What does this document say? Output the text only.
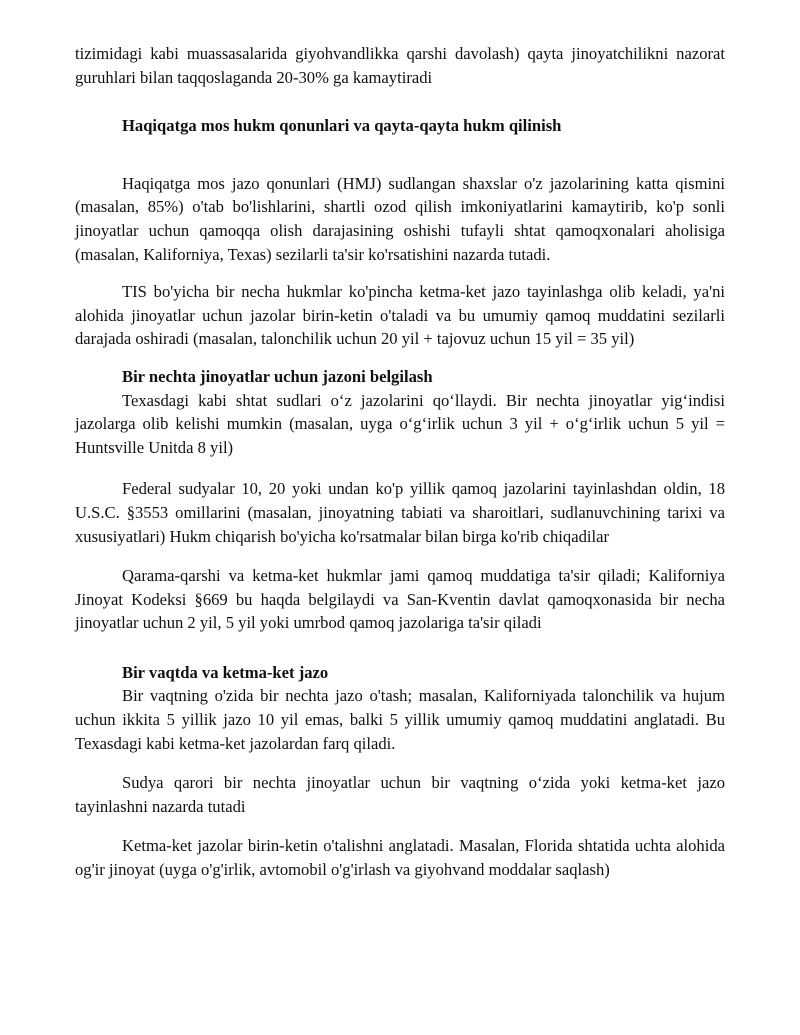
tizimidagi kabi muassasalarida giyohvandlikka qarshi davolash) qayta jinoyatchilikni nazorat guruhlari bilan taqqoslaganda 20-30% ga kamaytiradi

Haqiqatga mos hukm qonunlari va qayta-qayta hukm qilinish

Haqiqatga mos jazo qonunlari (HMJ) sudlangan shaxslar o'z jazolarining katta qismini (masalan, 85%) o'tab bo'lishlarini, shartli ozod qilish imkoniyatlarini kamaytirib, ko'p sonli jinoyatlar uchun qamoqqa olish darajasining oshishi tufayli shtat qamoqxonalari aholisiga (masalan, Kaliforniya, Texas) sezilarli ta'sir ko'rsatishini nazarda tutadi.

TIS bo'yicha bir necha hukmlar ko'pincha ketma-ket jazo tayinlashga olib keladi, ya'ni alohida jinoyatlar uchun jazolar birin-ketin o'taladi va bu umumiy qamoq muddatini sezilarli darajada oshiradi (masalan, talonchilik uchun 20 yil + tajovuz uchun 15 yil = 35 yil)

Bir nechta jinoyatlar uchun jazoni belgilash

Texasdagi kabi shtat sudlari o‘z jazolarini qo‘llaydi. Bir nechta jinoyatlar yig‘indisi jazolarga olib kelishi mumkin (masalan, uyga o‘g‘irlik uchun 3 yil + o‘g‘irlik uchun 5 yil = Huntsville Unitda 8 yil)

Federal sudyalar 10, 20 yoki undan ko'p yillik qamoq jazolarini tayinlashdan oldin, 18 U.S.C. §3553 omillarini (masalan, jinoyatning tabiati va sharoitlari, sudlanuvchining tarixi va xususiyatlari) Hukm chiqarish bo'yicha ko'rsatmalar bilan birga ko'rib chiqadilar

Qarama-qarshi va ketma-ket hukmlar jami qamoq muddatiga ta'sir qiladi; Kaliforniya Jinoyat Kodeksi §669 bu haqda belgilaydi va San-Kventin davlat qamoqxonasida bir necha jinoyatlar uchun 2 yil, 5 yil yoki umrbod qamoq jazolariga ta'sir qiladi

Bir vaqtda va ketma-ket jazo

Bir vaqtning o'zida bir nechta jazo o'tash; masalan, Kaliforniyada talonchilik va hujum uchun ikkita 5 yillik jazo 10 yil emas, balki 5 yillik umumiy qamoq muddatini anglatadi. Bu Texasdagi kabi ketma-ket jazolardan farq qiladi.

Sudya qarori bir nechta jinoyatlar uchun bir vaqtning o‘zida yoki ketma-ket jazo tayinlashni nazarda tutadi

Ketma-ket jazolar birin-ketin o'talishni anglatadi. Masalan, Florida shtatida uchta alohida og'ir jinoyat (uyga o'g'irlik, avtomobil o'g'irlash va giyohvand moddalar saqlash)
